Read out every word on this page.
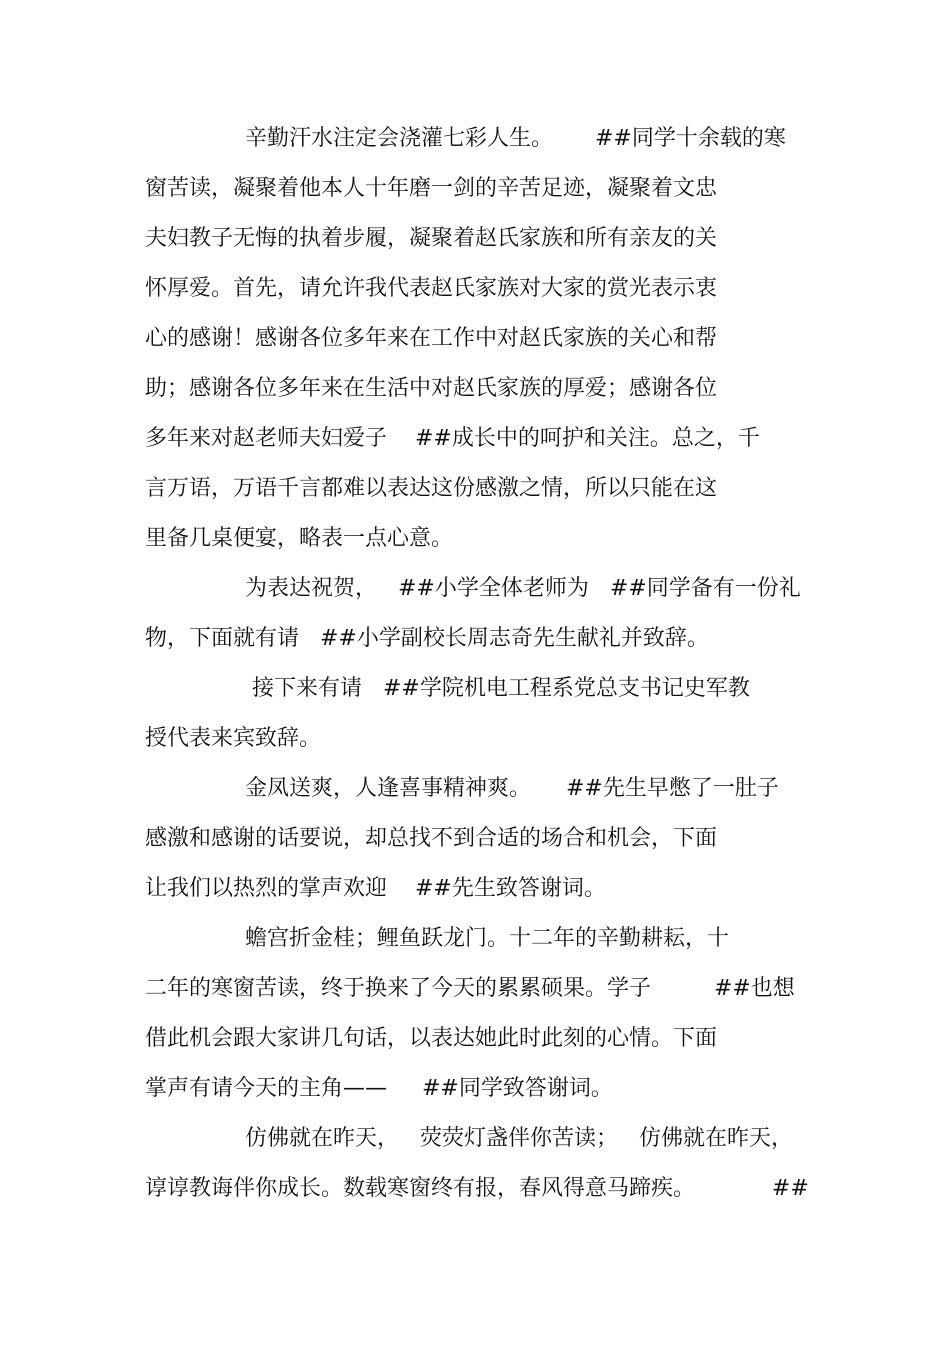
辛勤汗水注定会浇灌七彩人生。      ##同学十余载的寒
窗苦读，凝聚着他本人十年磨一剑的辛苦足迹，凝聚着文忠
夫妇教子无悔的执着步履，凝聚着赵氏家族和所有亲友的关
怀厚爱。首先，请允许我代表赵氏家族对大家的赏光表示衷
心的感谢！感谢各位多年来在工作中对赵氏家族的关心和帮
助；感谢各位多年来在生活中对赵氏家族的厚爱；感谢各位
多年来对赵老师夫妇爱子    ##成长中的呵护和关注。总之，千
言万语，万语千言都难以表达这份感激之情，所以只能在这
里备几桌便宴，略表一点心意。
为表达祝贺，   ##小学全体老师为   ##同学备有一份礼
物，下面就有请   ##小学副校长周志奇先生献礼并致辞。
接下来有请   ##学院机电工程系党总支书记史军教
授代表来宾致辞。
金凤送爽，人逢喜事精神爽。     ##先生早憋了一肚子
感激和感谢的话要说，却总找不到合适的场合和机会，下面
让我们以热烈的掌声欢迎    ##先生致答谢词。
蟾宫折金桂；鲤鱼跃龙门。十二年的辛勤耕耘，十
二年的寒窗苦读，终于换来了今天的累累硕果。学子         ##也想
借此机会跟大家讲几句话，以表达她此时此刻的心情。下面
掌声有请今天的主角——     ##同学致答谢词。
仿佛就在昨天，   荧荧灯盏伴你苦读；   仿佛就在昨天，
谆谆教诲伴你成长。数载寒窗终有报，春风得意马蹄疾。           ##
